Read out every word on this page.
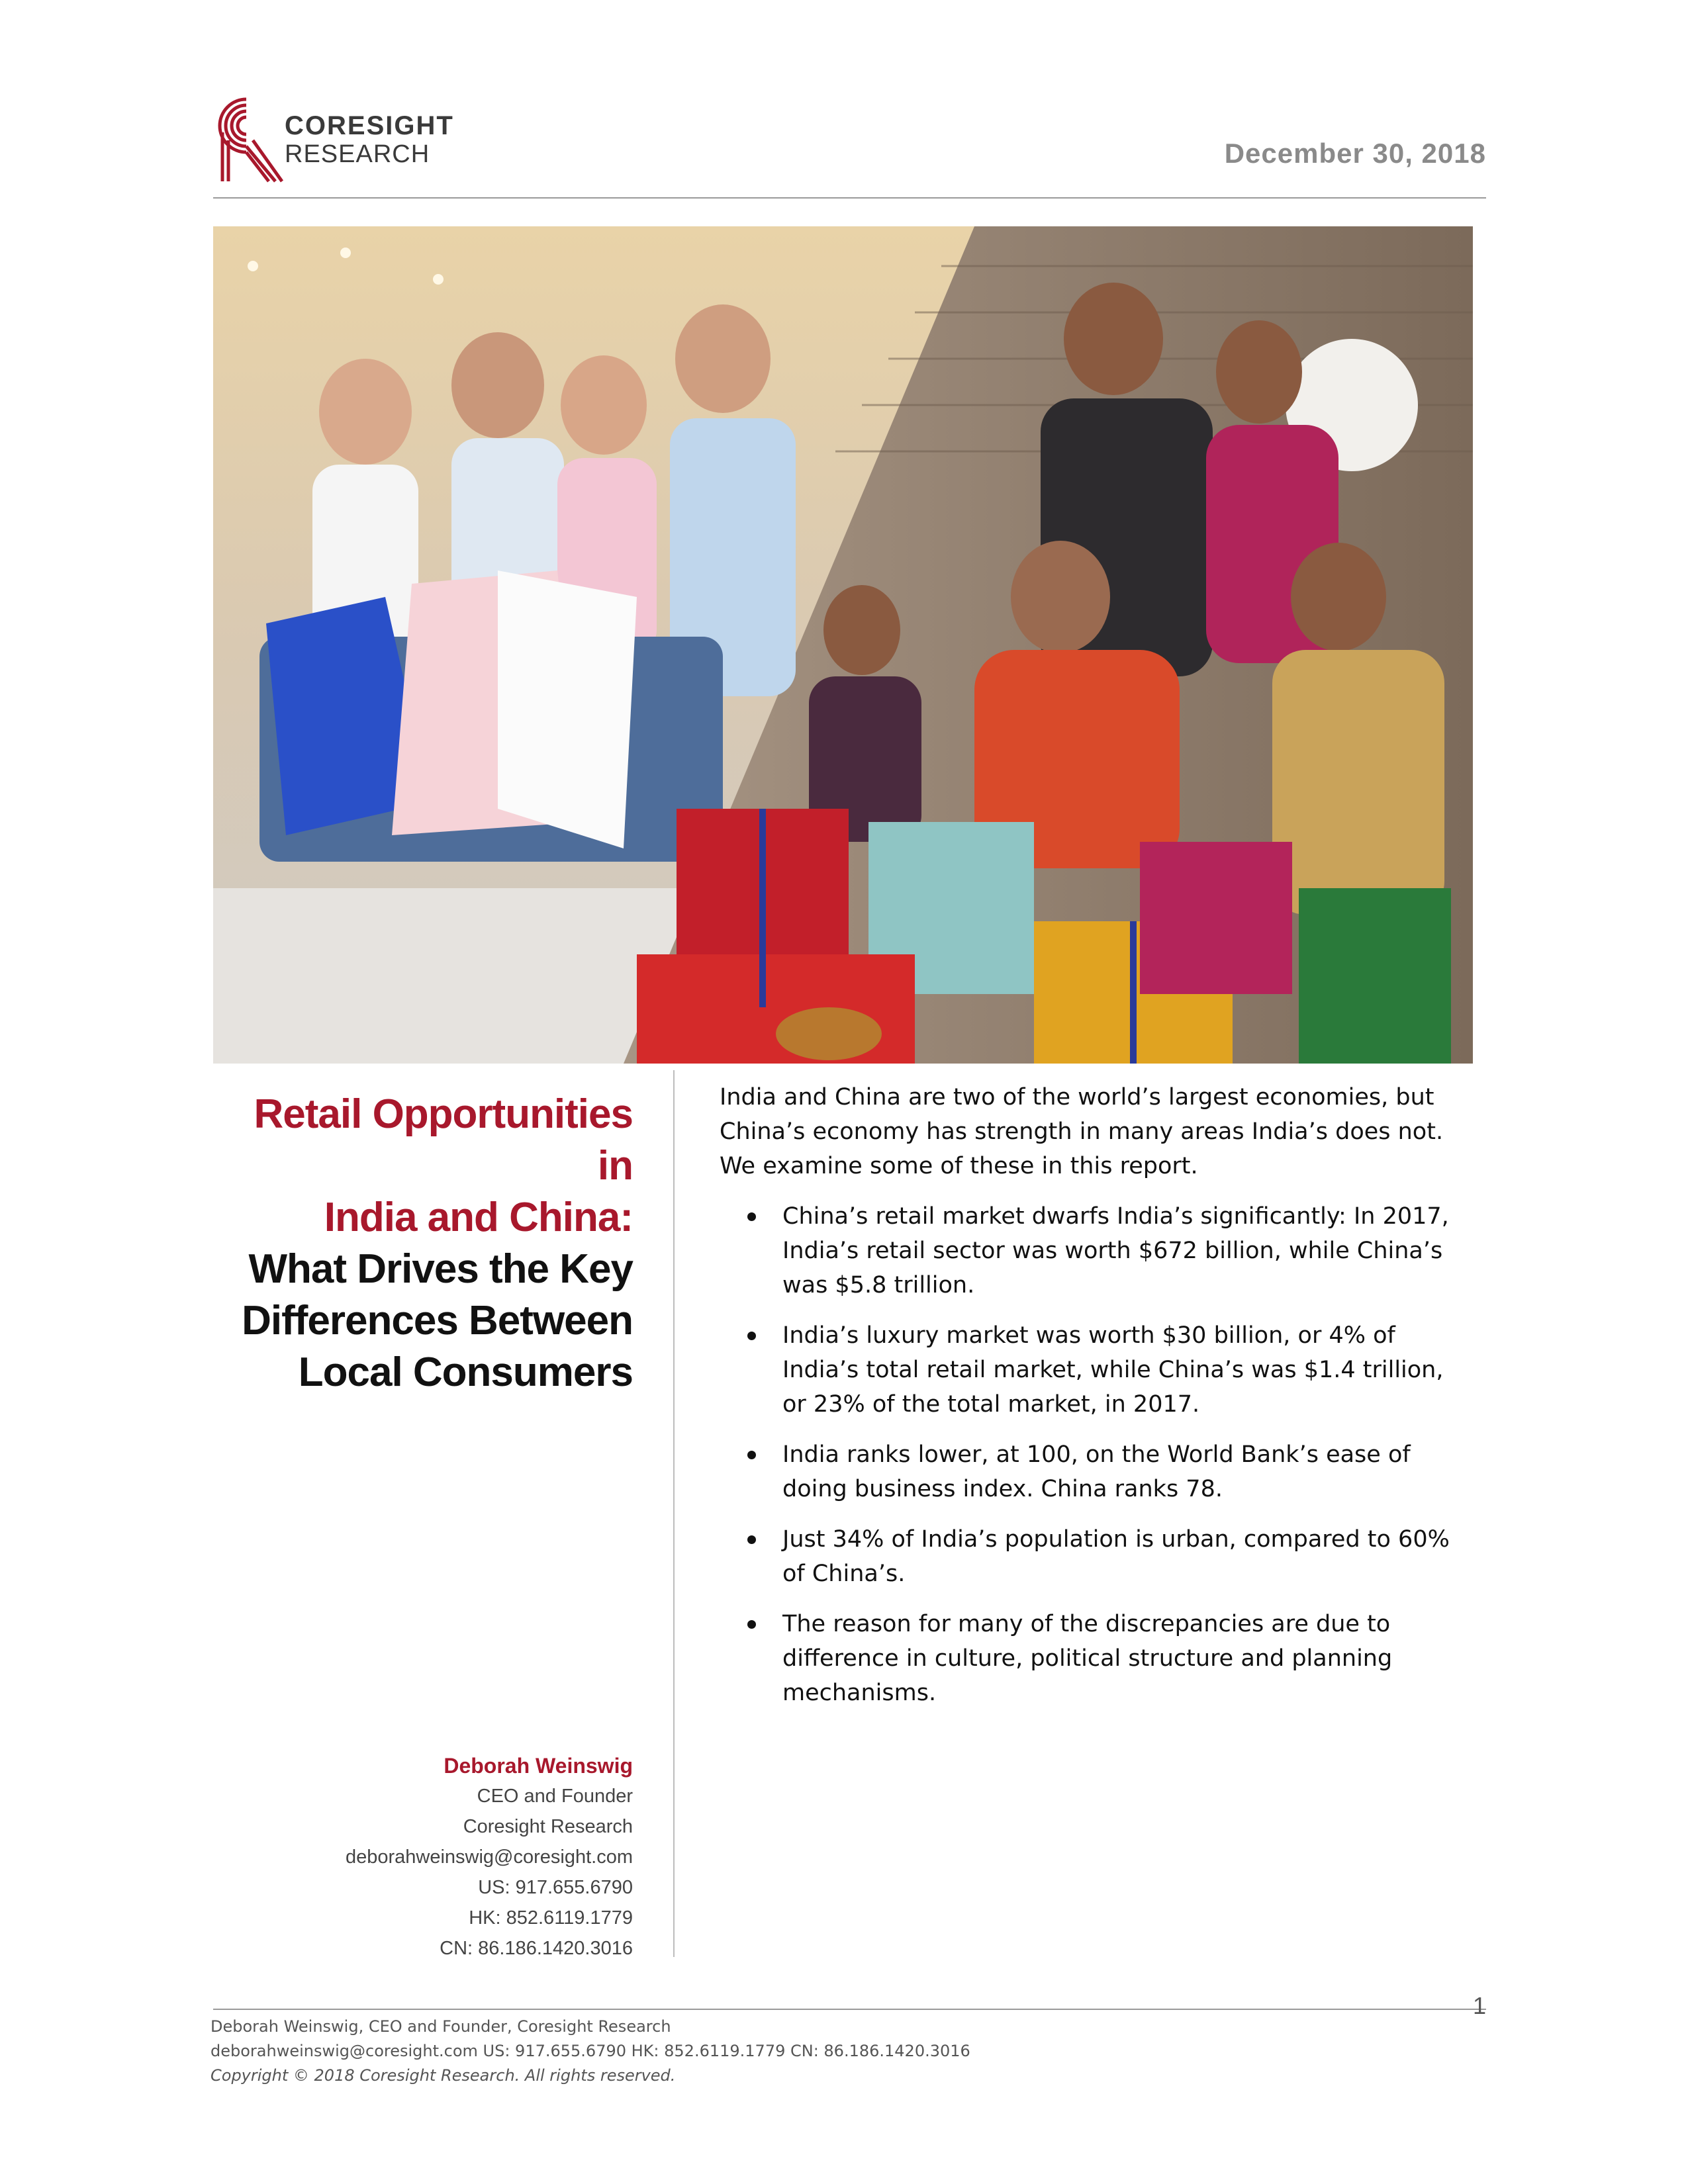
CORESIGHT
RESEARCH	December 30, 2018
Retail Opportunities in
India and China:
What Drives the Key
Differences Between
Local Consumers
Deborah Weinswig
CEO and Founder
Coresight Research
deborahweinswig@coresight.com
US: 917.655.6790
HK: 852.6119.1779
CN: 86.186.1420.3016
India and China are two of the world’s largest economies, but China’s economy has strength in many areas India’s does not. We examine some of these in this report.
China’s retail market dwarfs India’s significantly: In 2017, India’s retail sector was worth $672 billion, while China’s was $5.8 trillion.
India’s luxury market was worth $30 billion, or 4% of India’s total retail market, while China’s was $1.4 trillion, or 23% of the total market, in 2017.
India ranks lower, at 100, on the World Bank’s ease of doing business index. China ranks 78.
Just 34% of India’s population is urban, compared to 60% of China’s.
The reason for many of the discrepancies are due to difference in culture, political structure and planning mechanisms.
Deborah Weinswig, CEO and Founder, Coresight Research
deborahweinswig@coresight.com US: 917.655.6790 HK: 852.6119.1779 CN: 86.186.1420.3016
Copyright © 2018 Coresight Research. All rights reserved.
1
